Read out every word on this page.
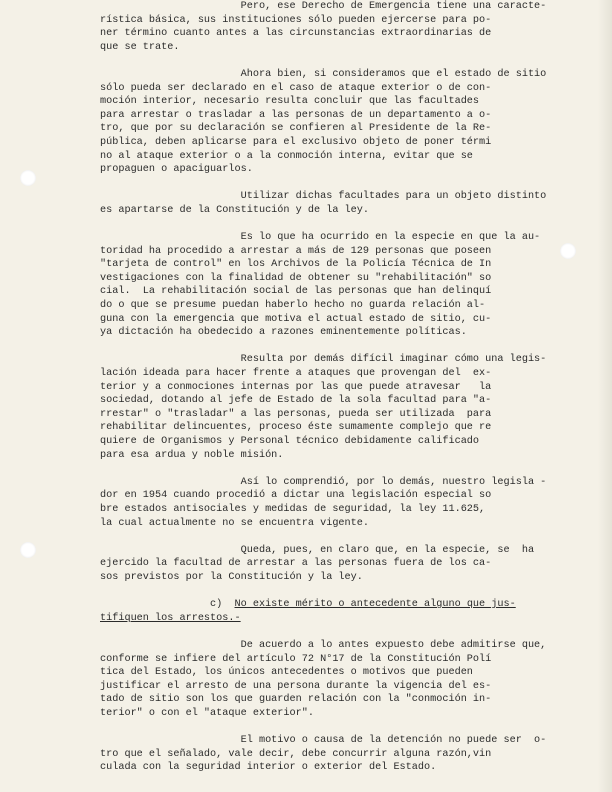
Pero, ese Derecho de Emergencia tiene una caracte-
rística básica, sus instituciones sólo pueden ejercerse para po-
ner término cuanto antes a las circunstancias extraordinarias de
que se trate.
Ahora bien, si consideramos que el estado de sitio
sólo pueda ser declarado en el caso de ataque exterior o de con-
moción interior, necesario resulta concluir que las facultades
para arrestar o trasladar a las personas de un departamento a o-
tro, que por su declaración se confieren al Presidente de la Re-
pública, deben aplicarse para el exclusivo objeto de poner térmi
no al ataque exterior o a la conmoción interna, evitar que se
propaguen o apaciguarlos.
Utilizar dichas facultades para un objeto distinto
es apartarse de la Constitución y de la ley.
Es lo que ha ocurrido en la especie en que la au-
toridad ha procedido a arrestar a más de 129 personas que poseen
"tarjeta de control" en los Archivos de la Policía Técnica de In
vestigaciones con la finalidad de obtener su "rehabilitación" so
cial.  La rehabilitación social de las personas que han delinquí
do o que se presume puedan haberlo hecho no guarda relación al-
guna con la emergencia que motiva el actual estado de sitio, cu-
ya dictación ha obedecido a razones eminentemente políticas.
Resulta por demás difícil imaginar cómo una legis-
lación ideada para hacer frente a ataques que provengan del  ex-
terior y a conmociones internas por las que puede atravesar   la
sociedad, dotando al jefe de Estado de la sola facultad para "a-
rrestar" o "trasladar" a las personas, pueda ser utilizada  para
rehabilitar delincuentes, proceso éste sumamente complejo que re
quiere de Organismos y Personal técnico debidamente calificado
para esa ardua y noble misión.
Así lo comprendió, por lo demás, nuestro legisla -
dor en 1954 cuando procedió a dictar una legislación especial so
bre estados antisociales y medidas de seguridad, la ley 11.625,
la cual actualmente no se encuentra vigente.
Queda, pues, en claro que, en la especie, se  ha
ejercido la facultad de arrestar a las personas fuera de los ca-
sos previstos por la Constitución y la ley.
c)  No existe mérito o antecedente alguno que jus-
tifiquen los arrestos.-
De acuerdo a lo antes expuesto debe admitirse que,
conforme se infiere del artículo 72 N°17 de la Constitución Polí
tica del Estado, los únicos antecedentes o motivos que pueden
justificar el arresto de una persona durante la vigencia del es-
tado de sitio son los que guarden relación con la "conmoción in-
terior" o con el "ataque exterior".
El motivo o causa de la detención no puede ser  o-
tro que el señalado, vale decir, debe concurrir alguna razón,vin
culada con la seguridad interior o exterior del Estado.
